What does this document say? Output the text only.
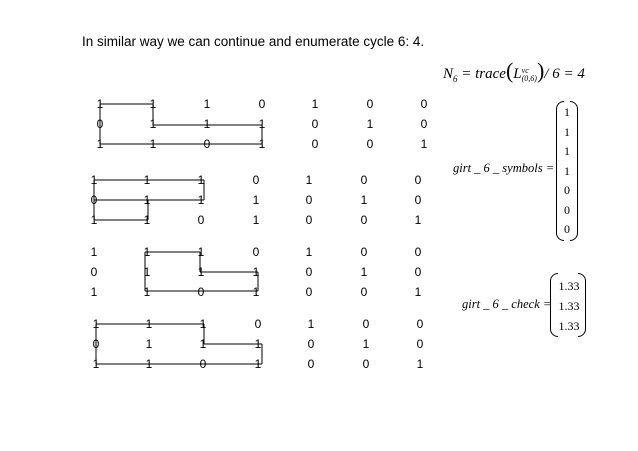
In similar way we can continue and enumerate cycle 6: 4.
$N_6$ = trace(L vc
(0,6) )/ 6 = 4
girt _ 6 _ symbols =
1
1
1
1
0
0
0
girt _ 6 _ check =
1.33
1.33
1.33
1	1	1	0	1	0	0
0	1	1	1	0	1	0
1	1	0	1	0	0	1
1	1	1	0	1	0	0
0	1	1	1	0	1	0
1	1	0	1	0	0	1
1	1	1	0	1	0	0
0	1	1	1	0	1	0
1	1	0	1	0	0	1
1	1	1	0	1	0	0
0	1	1	1	0	1	0
1	1	0	1	0	0	1
